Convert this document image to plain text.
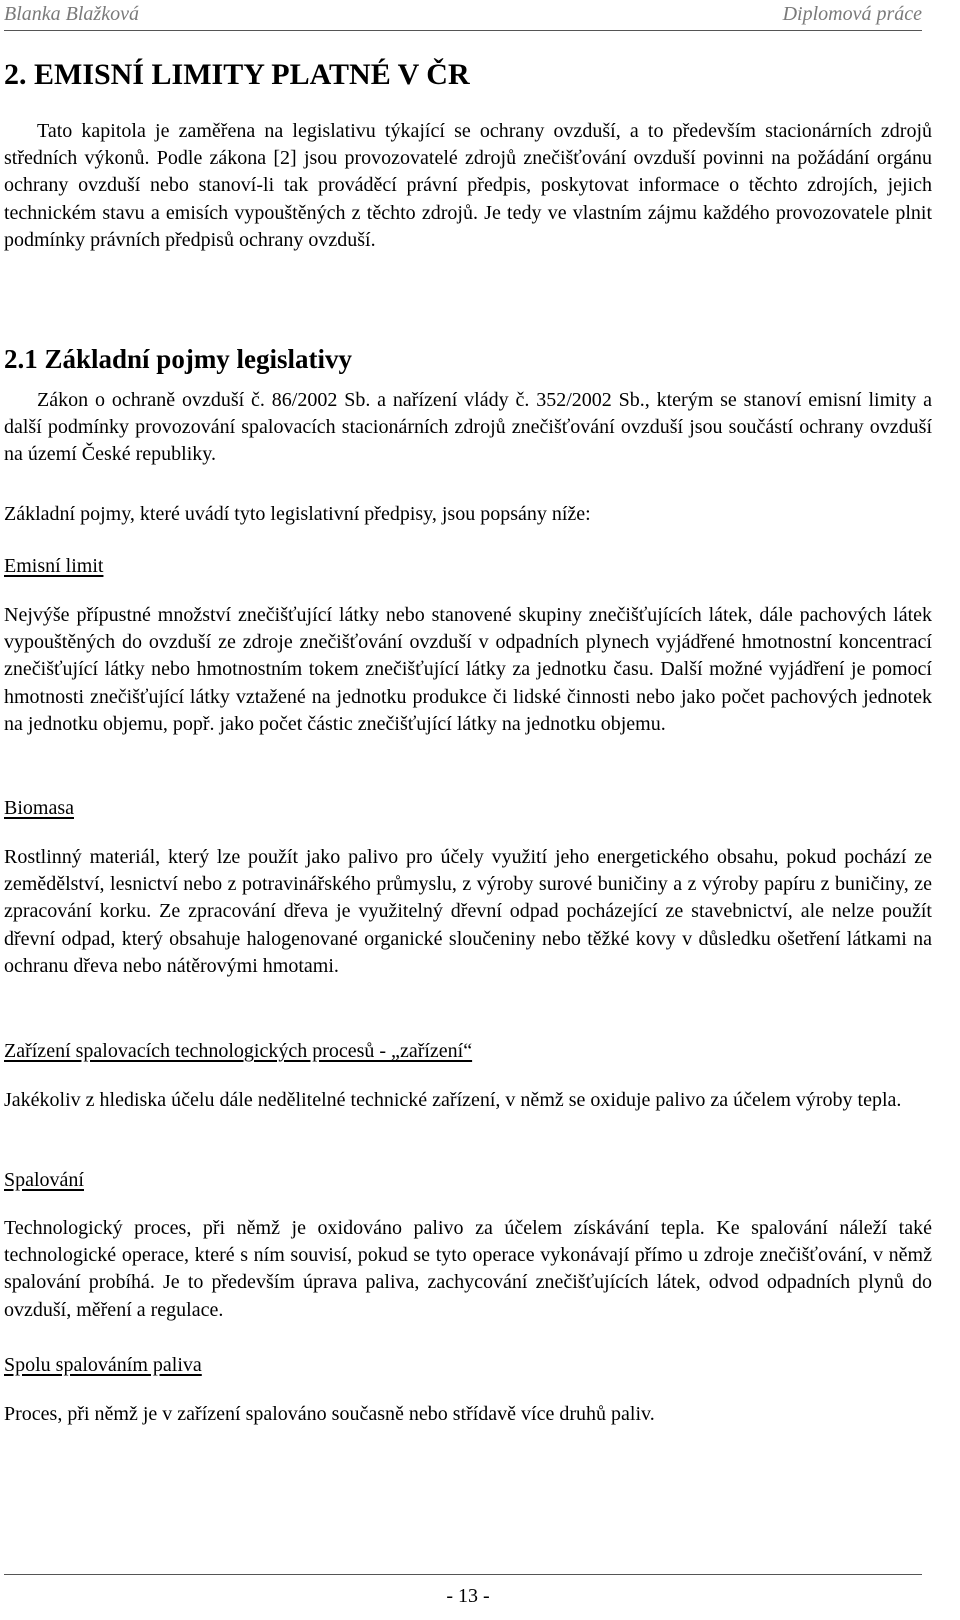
Blanka Blažková	Diplomová práce
2. EMISNÍ LIMITY PLATNÉ V ČR

Tato kapitola je zaměřena na legislativu týkající se ochrany ovzduší, a to především stacionárních zdrojů středních výkonů. Podle zákona [2] jsou provozovatelé zdrojů znečišťování ovzduší povinni na požádání orgánu ochrany ovzduší nebo stanoví-li tak prováděcí právní předpis, poskytovat informace o těchto zdrojích, jejich technickém stavu a emisích vypouštěných z těchto zdrojů. Je tedy ve vlastním zájmu každého provozovatele plnit podmínky právních předpisů ochrany ovzduší.

2.1 Základní pojmy legislativy

Zákon o ochraně ovzduší č. 86/2002 Sb. a nařízení vlády č. 352/2002 Sb., kterým se stanoví emisní limity a další podmínky provozování spalovacích stacionárních zdrojů znečišťování ovzduší jsou součástí ochrany ovzduší na území České republiky.

Základní pojmy, které uvádí tyto legislativní předpisy, jsou popsány níže:

Emisní limit

Nejvýše přípustné množství znečišťující látky nebo stanovené skupiny znečišťujících látek, dále pachových látek vypouštěných do ovzduší ze zdroje znečišťování ovzduší v odpadních plynech vyjádřené hmotnostní koncentrací znečišťující látky nebo hmotnostním tokem znečišťující látky za jednotku času. Další možné vyjádření je pomocí hmotnosti znečišťující látky vztažené na jednotku produkce či lidské činnosti nebo jako počet pachových jednotek na jednotku objemu, popř. jako počet částic znečišťující látky na jednotku objemu.

Biomasa

Rostlinný materiál, který lze použít jako palivo pro účely využití jeho energetického obsahu, pokud pochází ze zemědělství, lesnictví nebo z potravinářského průmyslu, z výroby surové buničiny a z výroby papíru z buničiny, ze zpracování korku. Ze zpracování dřeva je využitelný dřevní odpad pocházející ze stavebnictví, ale nelze použít dřevní odpad, který obsahuje halogenované organické sloučeniny nebo těžké kovy v důsledku ošetření látkami na ochranu dřeva nebo nátěrovými hmotami.

Zařízení spalovacích technologických procesů - „zařízení“

Jakékoliv z hlediska účelu dále nedělitelné technické zařízení, v němž se oxiduje palivo za účelem výroby tepla.

Spalování

Technologický proces, při němž je oxidováno palivo za účelem získávání tepla. Ke spalování náleží také technologické operace, které s ním souvisí, pokud se tyto operace vykonávají přímo u zdroje znečišťování, v němž spalování probíhá. Je to především úprava paliva, zachycování znečišťujících látek, odvod odpadních plynů do ovzduší, měření a regulace.

Spolu spalováním paliva

Proces, při němž je v zařízení spalováno současně nebo střídavě více druhů paliv.

- 13 -
